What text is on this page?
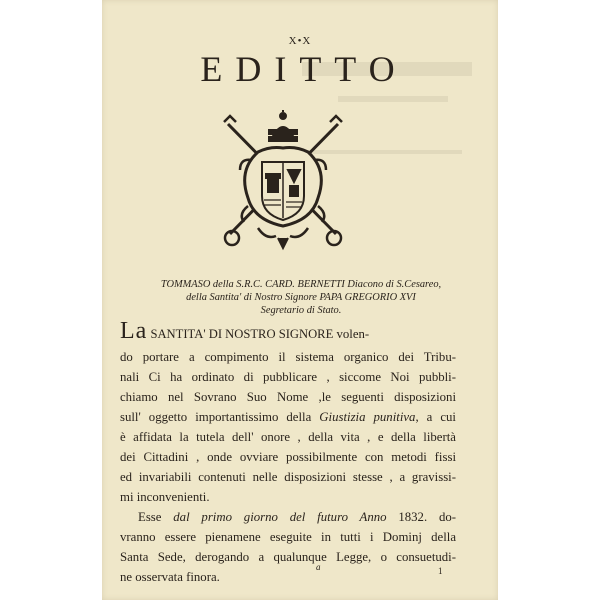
X•X
EDITTO
TOMMASO della S.R.C. CARD. BERNETTI Diacono di S.Cesareo,
della Santita' di Nostro Signore PAPA GREGORIO XVI
Segretario di Stato.
La SANTITA' DI NOSTRO SIGNORE volen-
do portare a compimento il sistema organico dei Tribu-
nali Ci ha ordinato di pubblicare , siccome Noi pubbli-
chiamo nel Sovrano Suo Nome ,le seguenti disposizioni
sull' oggetto importantissimo della Giustizia punitiva, a cui
è affidata la tutela dell' onore , della vita , e della libertà
dei Cittadini , onde ovviare possibilmente con metodi fissi
ed invariabili contenuti nelle disposizioni stesse , a gravissi-
mi inconvenienti.
Esse dal primo giorno del futuro Anno 1832. do-
vranno essere pienamene eseguite in tutti i Dominj della
Santa Sede, derogando a qualunque Legge, o consuetudi-
ne osservata finora.
a	1
